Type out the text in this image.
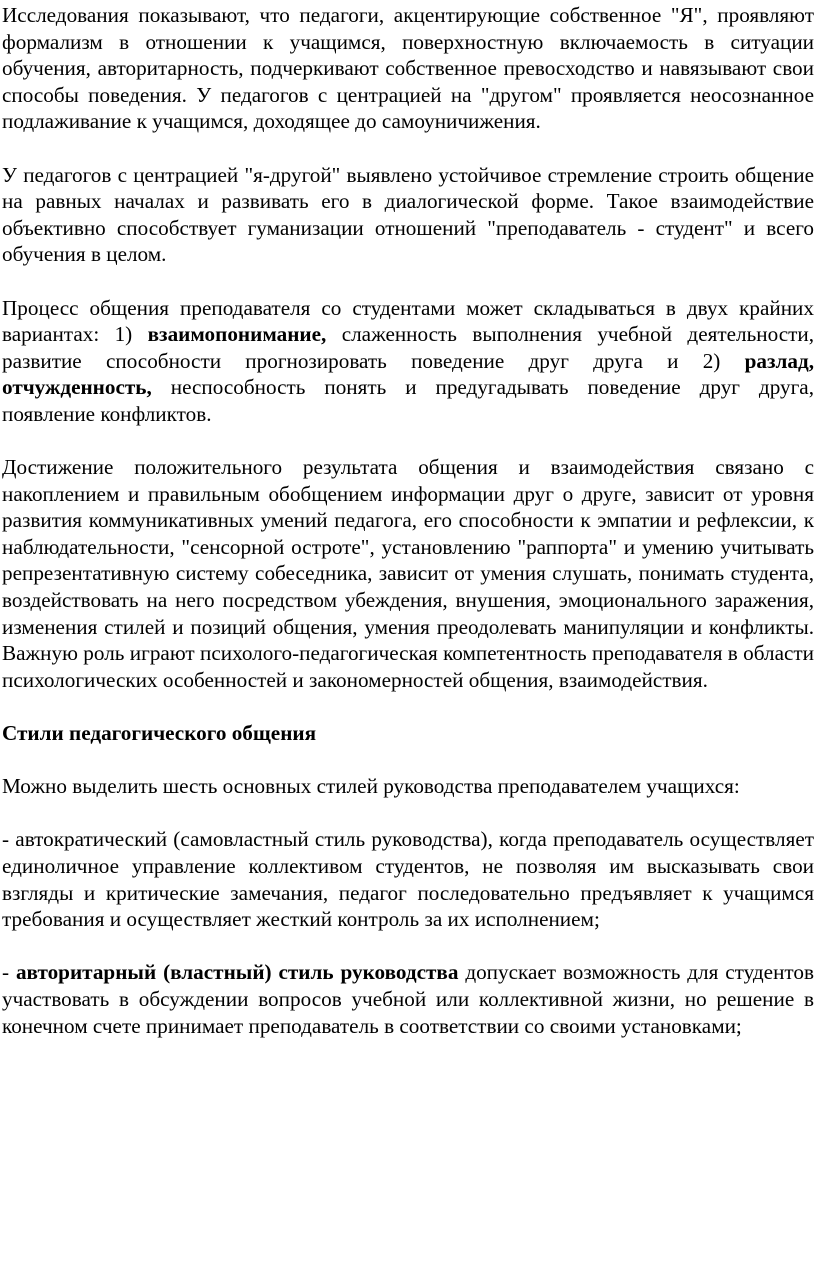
Исследования показывают, что педагоги, акцентирующие собственное "Я", проявляют формализм в отношении к учащимся, поверхностную включаемость в ситуации обучения, авторитарность, подчеркивают собственное превосходство и навязывают свои способы поведения. У педагогов с центрацией на "другом" проявляется неосознанное подлаживание к учащимся, доходящее до самоуничижения.

У педагогов с центрацией "я-другой" выявлено устойчивое стремление строить общение на равных началах и развивать его в диалогической форме. Такое взаимодействие объективно способствует гуманизации отношений "преподаватель - студент" и всего обучения в целом.

Процесс общения преподавателя со студентами может складываться в двух крайних вариантах: 1) взаимопонимание, слаженность выполнения учебной деятельности, развитие способности прогнозировать поведение друг друга и 2) разлад, отчужденность, неспособность понять и предугадывать поведение друг друга, появление конфликтов.

Достижение положительного результата общения и взаимодействия связано с накоплением и правильным обобщением информации друг о друге, зависит от уровня развития коммуникативных умений педагога, его способности к эмпатии и рефлексии, к наблюдательности, "сенсорной остроте", установлению "раппорта" и умению учитывать репрезентативную систему собеседника, зависит от умения слушать, понимать студента, воздействовать на него посредством убеждения, внушения, эмоционального заражения, изменения стилей и позиций общения, умения преодолевать манипуляции и конфликты. Важную роль играют психолого-педагогическая компетентность преподавателя в области психологических особенностей и закономерностей общения, взаимодействия.

Стили педагогического общения

Можно выделить шесть основных стилей руководства преподавателем учащихся:

- автократический (самовластный стиль руководства), когда преподаватель осуществляет единоличное управление коллективом студентов, не позволяя им высказывать свои взгляды и критические замечания, педагог последовательно предъявляет к учащимся требования и осуществляет жесткий контроль за их исполнением;

- авторитарный (властный) стиль руководства допускает возможность для студентов участвовать в обсуждении вопросов учебной или коллективной жизни, но решение в конечном счете принимает преподаватель в соответствии со своими установками;
